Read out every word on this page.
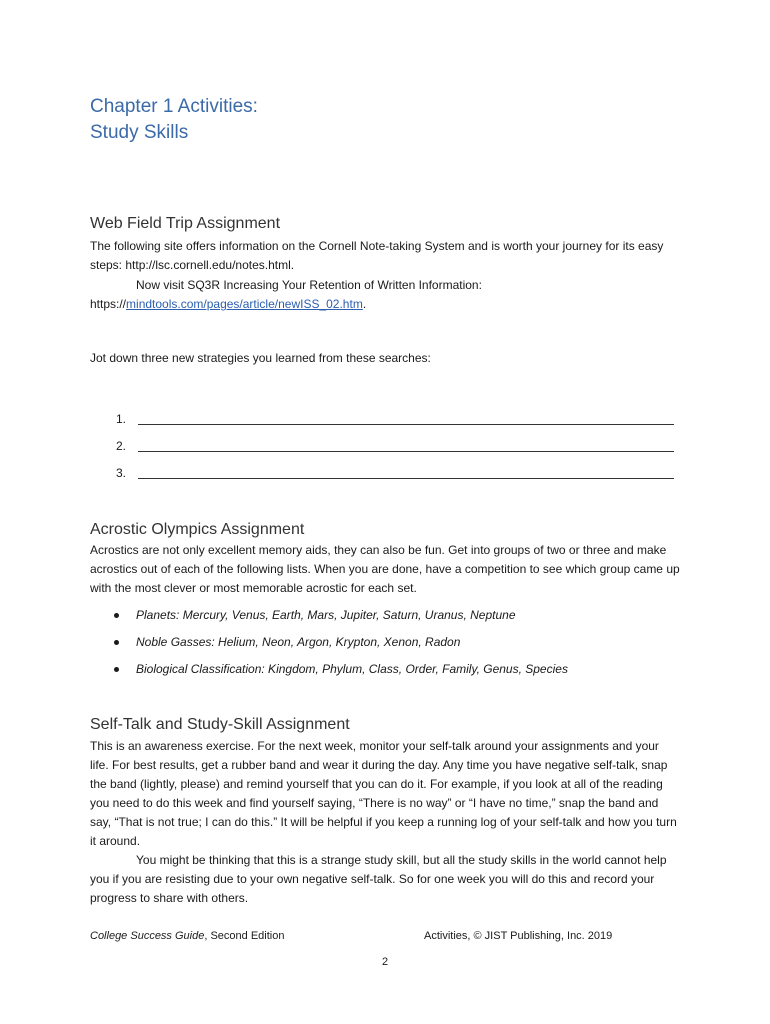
Chapter 1 Activities:
Study Skills
Web Field Trip Assignment
The following site offers information on the Cornell Note-taking System and is worth your journey for its easy steps: http://lsc.cornell.edu/notes.html.
Now visit SQ3R Increasing Your Retention of Written Information:
https://mindtools.com/pages/article/newISS_02.htm.
Jot down three new strategies you learned from these searches:
1.
2.
3.
Acrostic Olympics Assignment
Acrostics are not only excellent memory aids, they can also be fun. Get into groups of two or three and make acrostics out of each of the following lists. When you are done, have a competition to see which group came up with the most clever or most memorable acrostic for each set.
Planets: Mercury, Venus, Earth, Mars, Jupiter, Saturn, Uranus, Neptune
Noble Gasses: Helium, Neon, Argon, Krypton, Xenon, Radon
Biological Classification: Kingdom, Phylum, Class, Order, Family, Genus, Species
Self-Talk and Study-Skill Assignment
This is an awareness exercise. For the next week, monitor your self-talk around your assignments and your life. For best results, get a rubber band and wear it during the day. Any time you have negative self-talk, snap the band (lightly, please) and remind yourself that you can do it. For example, if you look at all of the reading you need to do this week and find yourself saying, “There is no way” or “I have no time,” snap the band and say, “That is not true; I can do this.” It will be helpful if you keep a running log of your self-talk and how you turn it around.
You might be thinking that this is a strange study skill, but all the study skills in the world cannot help you if you are resisting due to your own negative self-talk. So for one week you will do this and record your progress to share with others.
College Success Guide, Second Edition	Activities, © JIST Publishing, Inc. 2019
2
